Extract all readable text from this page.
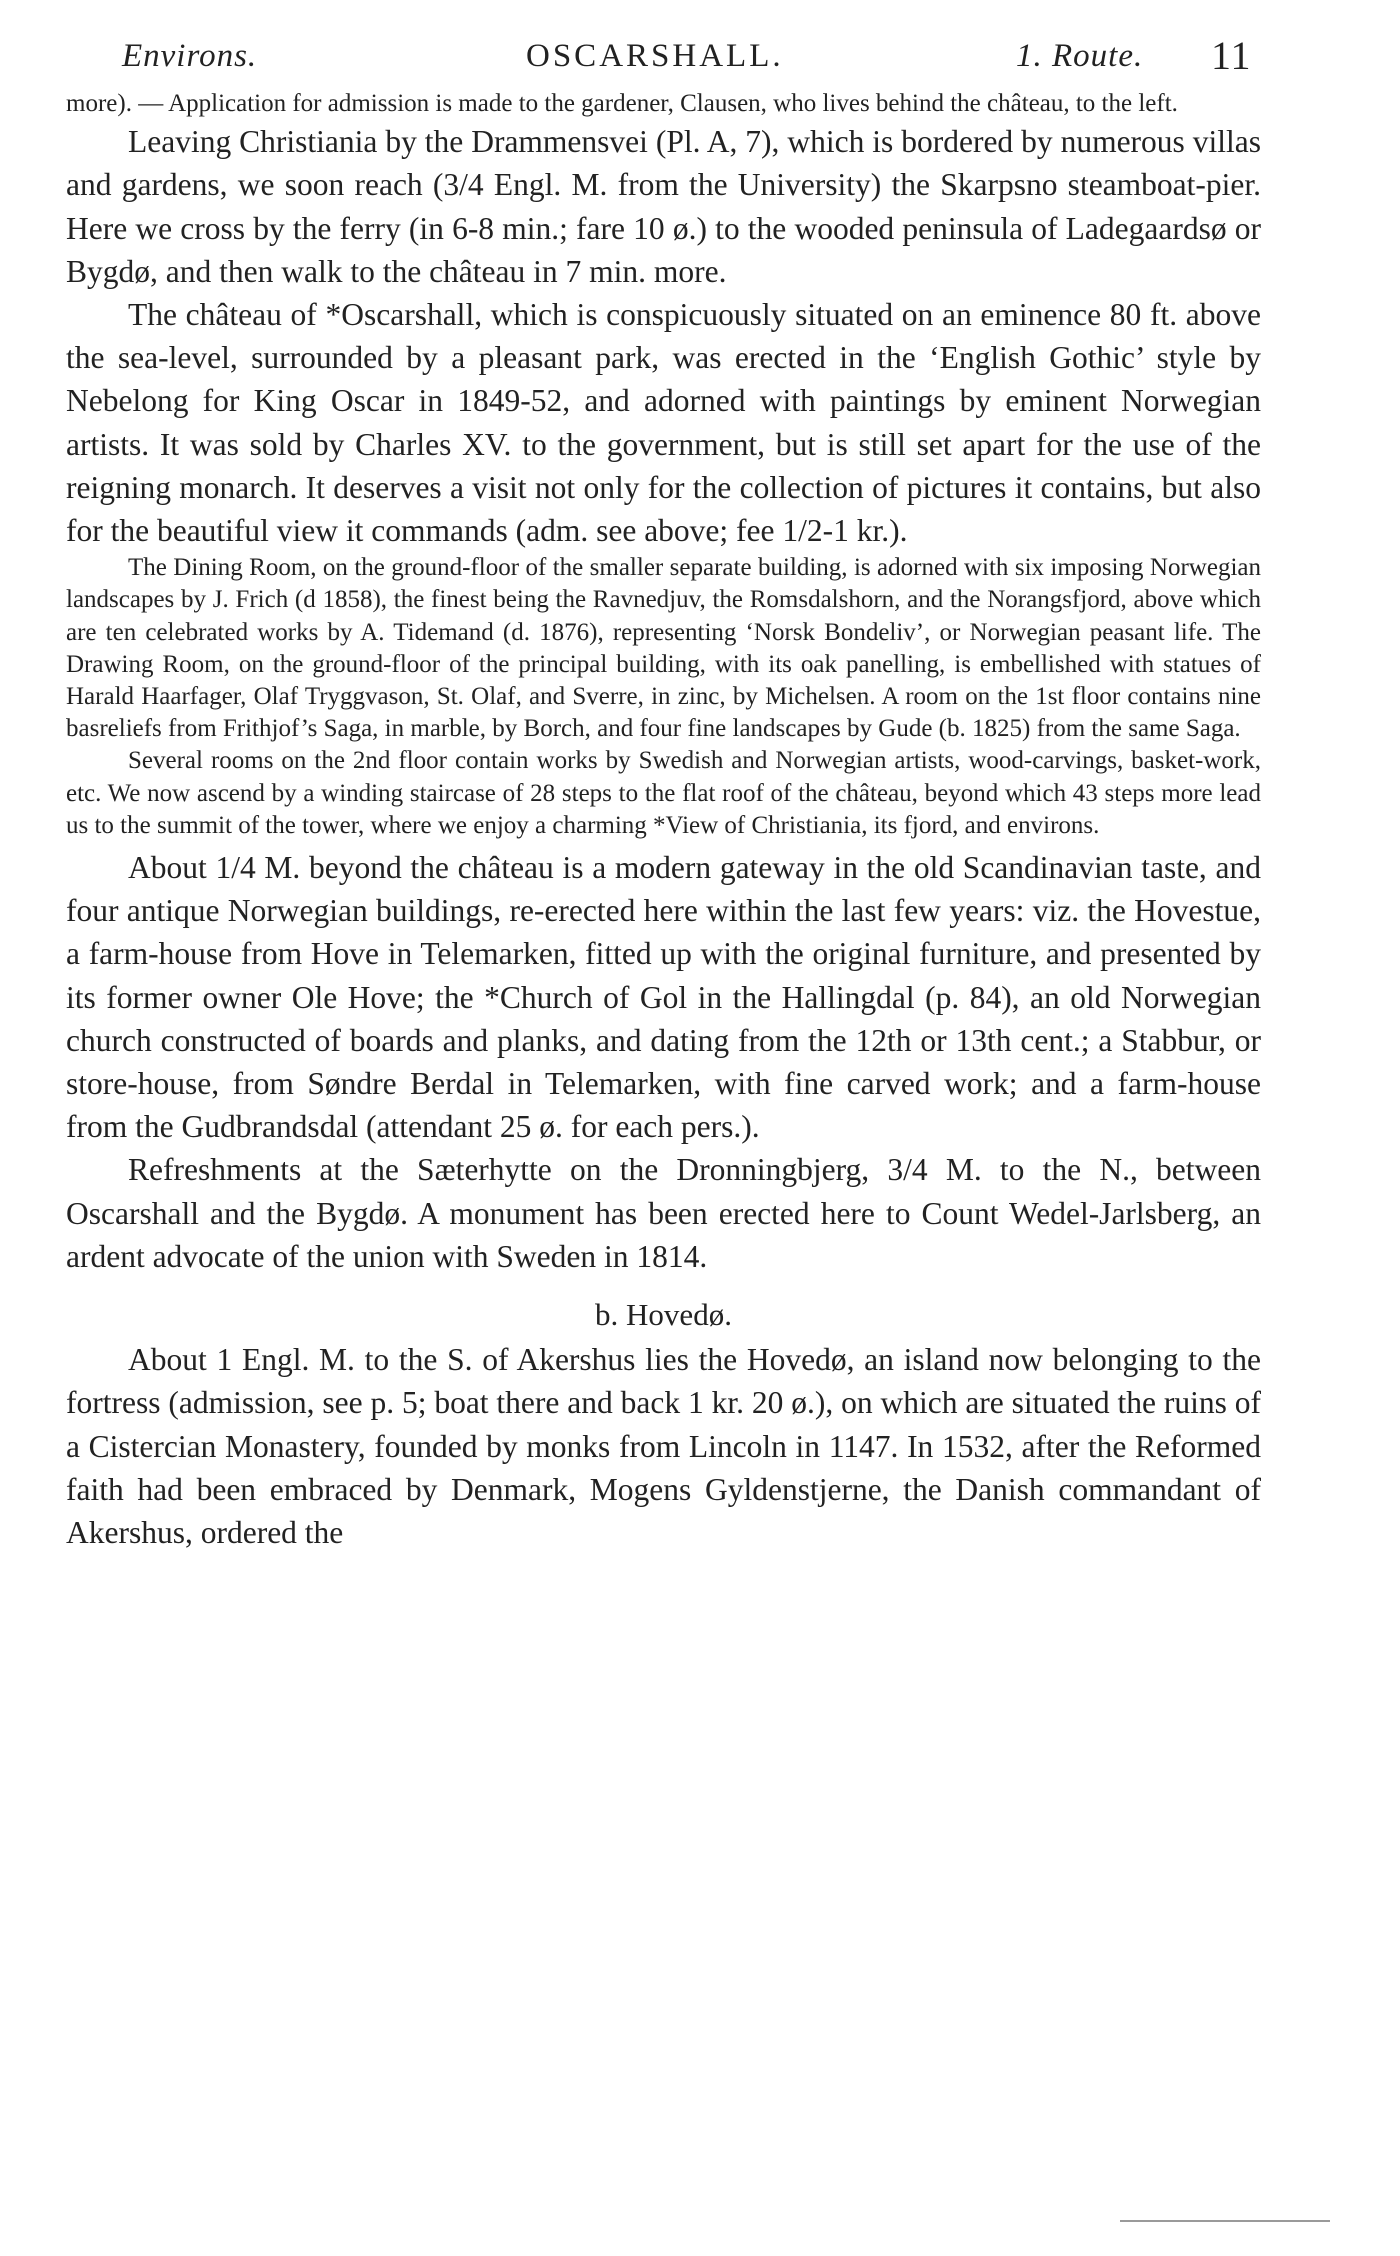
Environs.	OSCARSHALL.	1. Route. 11

more). — Application for admission is made to the gardener, Clausen, who lives behind the château, to the left.

Leaving Christiania by the Drammensvei (Pl. A, 7), which is bordered by numerous villas and gardens, we soon reach (3/4 Engl. M. from the University) the Skarpsno steamboat-pier. Here we cross by the ferry (in 6-8 min.; fare 10 ø.) to the wooded peninsula of Ladegaardsø or Bygdø, and then walk to the château in 7 min. more.

The château of *Oscarshall, which is conspicuously situated on an eminence 80 ft. above the sea-level, surrounded by a pleasant park, was erected in the ‘English Gothic’ style by Nebelong for King Oscar in 1849-52, and adorned with paintings by eminent Norwegian artists. It was sold by Charles XV. to the government, but is still set apart for the use of the reigning monarch. It deserves a visit not only for the collection of pictures it contains, but also for the beautiful view it commands (adm. see above; fee 1/2-1 kr.).

The Dining Room, on the ground-floor of the smaller separate building, is adorned with six imposing Norwegian landscapes by J. Frich (d 1858), the finest being the Ravnedjuv, the Romsdalshorn, and the Norangsfjord, above which are ten celebrated works by A. Tidemand (d. 1876), representing ‘Norsk Bondeliv’, or Norwegian peasant life. The Drawing Room, on the ground-floor of the principal building, with its oak panelling, is embellished with statues of Harald Haarfager, Olaf Tryggvason, St. Olaf, and Sverre, in zinc, by Michelsen. A room on the 1st floor contains nine basreliefs from Frithjof’s Saga, in marble, by Borch, and four fine landscapes by Gude (b. 1825) from the same Saga.

Several rooms on the 2nd floor contain works by Swedish and Norwegian artists, wood-carvings, basket-work, etc. We now ascend by a winding staircase of 28 steps to the flat roof of the château, beyond which 43 steps more lead us to the summit of the tower, where we enjoy a charming *View of Christiania, its fjord, and environs.

About 1/4 M. beyond the château is a modern gateway in the old Scandinavian taste, and four antique Norwegian buildings, re-erected here within the last few years: viz. the Hovestue, a farm-house from Hove in Telemarken, fitted up with the original furniture, and presented by its former owner Ole Hove; the *Church of Gol in the Hallingdal (p. 84), an old Norwegian church constructed of boards and planks, and dating from the 12th or 13th cent.; a Stabbur, or store-house, from Søndre Berdal in Telemarken, with fine carved work; and a farm-house from the Gudbrandsdal (attendant 25 ø. for each pers.).

Refreshments at the Sæterhytte on the Dronningbjerg, 3/4 M. to the N., between Oscarshall and the Bygdø. A monument has been erected here to Count Wedel-Jarlsberg, an ardent advocate of the union with Sweden in 1814.

b. Hovedø.

About 1 Engl. M. to the S. of Akershus lies the Hovedø, an island now belonging to the fortress (admission, see p. 5; boat there and back 1 kr. 20 ø.), on which are situated the ruins of a Cistercian Monastery, founded by monks from Lincoln in 1147. In 1532, after the Reformed faith had been embraced by Denmark, Mogens Gyldenstjerne, the Danish commandant of Akershus, ordered the
